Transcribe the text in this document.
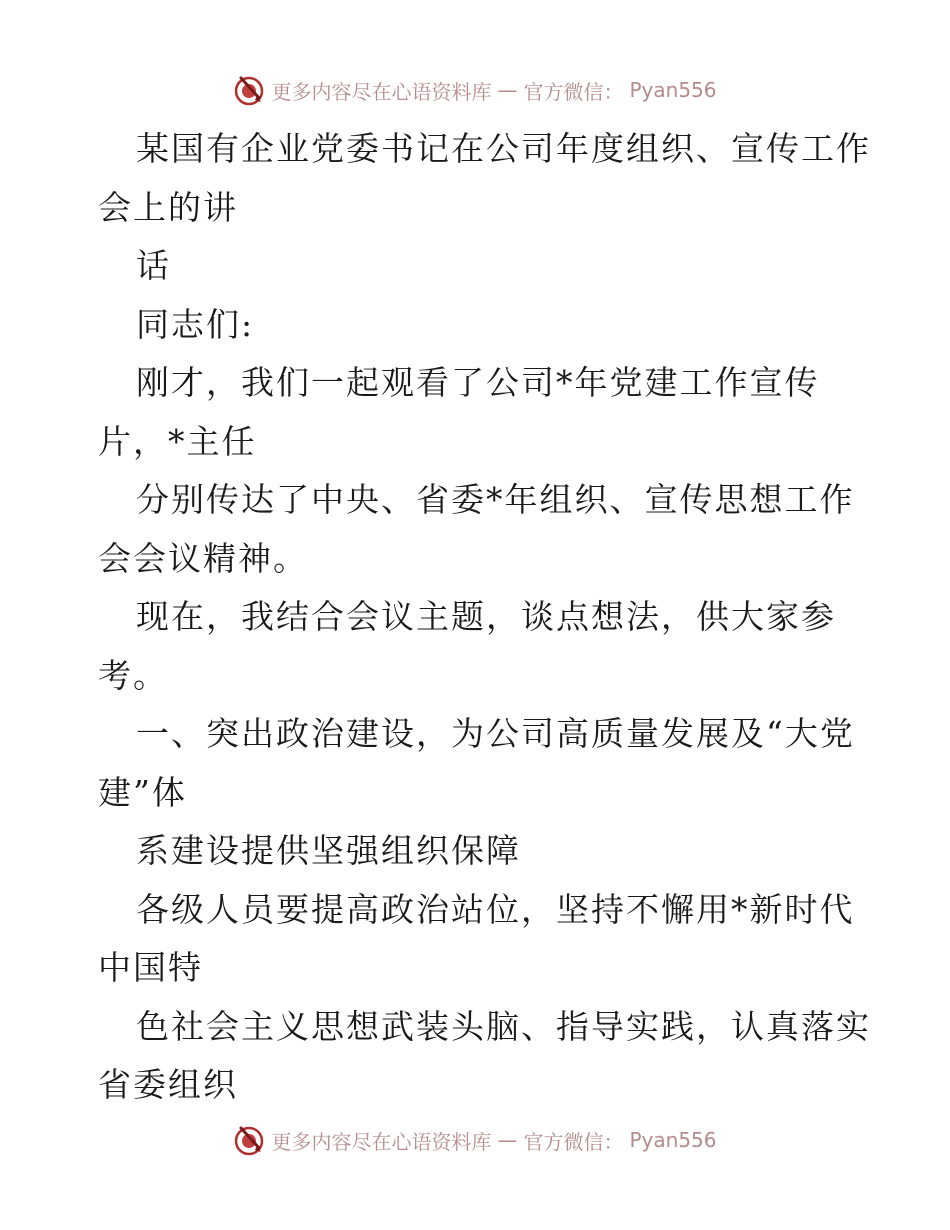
更多内容尽在心语资料库 — 官方微信： Pyan556
某国有企业党委书记在公司年度组织、宣传工作
会上的讲
话
同志们:
刚才，我们一起观看了公司*年党建工作宣传
片，*主任
分别传达了中央、省委*年组织、宣传思想工作
会会议精神。
现在，我结合会议主题，谈点想法，供大家参
考。
一、突出政治建设，为公司高质量发展及“大党
建”体
系建设提供坚强组织保障
各级人员要提高政治站位，坚持不懈用*新时代
中国特
色社会主义思想武装头脑、指导实践，认真落实
省委组织
更多内容尽在心语资料库 — 官方微信： Pyan556
